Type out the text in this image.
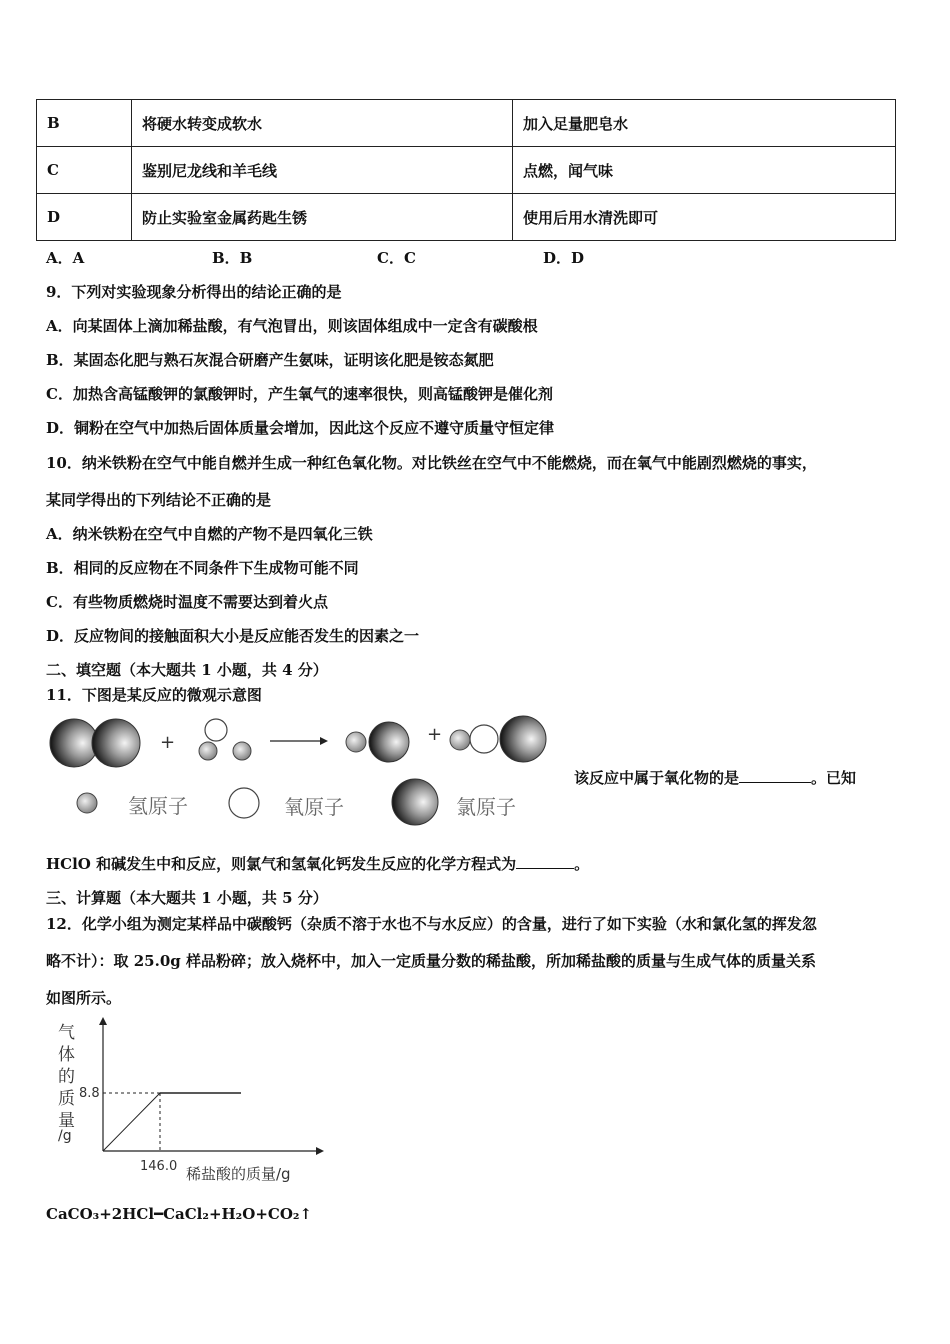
B	将硬水转变成软水	加入足量肥皂水
C	鉴别尼龙线和羊毛线	点燃，闻气味
D	防止实验室金属药匙生锈	使用后用水清洗即可
A．A	B．B	C．C	D．D
9．下列对实验现象分析得出的结论正确的是
A．向某固体上滴加稀盐酸，有气泡冒出，则该固体组成中一定含有碳酸根
B．某固态化肥与熟石灰混合研磨产生氨味，证明该化肥是铵态氮肥
C．加热含高锰酸钾的氯酸钾时，产生氧气的速率很快，则高锰酸钾是催化剂
D．铜粉在空气中加热后固体质量会增加，因此这个反应不遵守质量守恒定律
10．纳米铁粉在空气中能自燃并生成一种红色氧化物。对比铁丝在空气中不能燃烧，而在氧气中能剧烈燃烧的事实，
某同学得出的下列结论不正确的是
A．纳米铁粉在空气中自燃的产物不是四氧化三铁
B．相同的反应物在不同条件下生成物可能不同
C．有些物质燃烧时温度不需要达到着火点
D．反应物间的接触面积大小是反应能否发生的因素之一
二、填空题（本大题共 1 小题，共 4 分）
11．下图是某反应的微观示意图
+	+
氢原子	氧原子	氯原子
该反应中属于氧化物的是	。已知
HClO 和碱发生中和反应，则氯气和氢氧化钙发生反应的化学方程式为	。
三、计算题（本大题共 1 小题，共 5 分）
12．化学小组为测定某样品中碳酸钙（杂质不溶于水也不与水反应）的含量，进行了如下实验（水和氯化氢的挥发忽
略不计）：取 25.0g 样品粉碎；放入烧杯中，加入一定质量分数的稀盐酸，所加稀盐酸的质量与生成气体的质量关系
如图所示。
气
体
的
质
量
/g
8.8
146.0 稀盐酸的质量/g
CaCO₃+2HCl━CaCl₂+H₂O+CO₂↑
